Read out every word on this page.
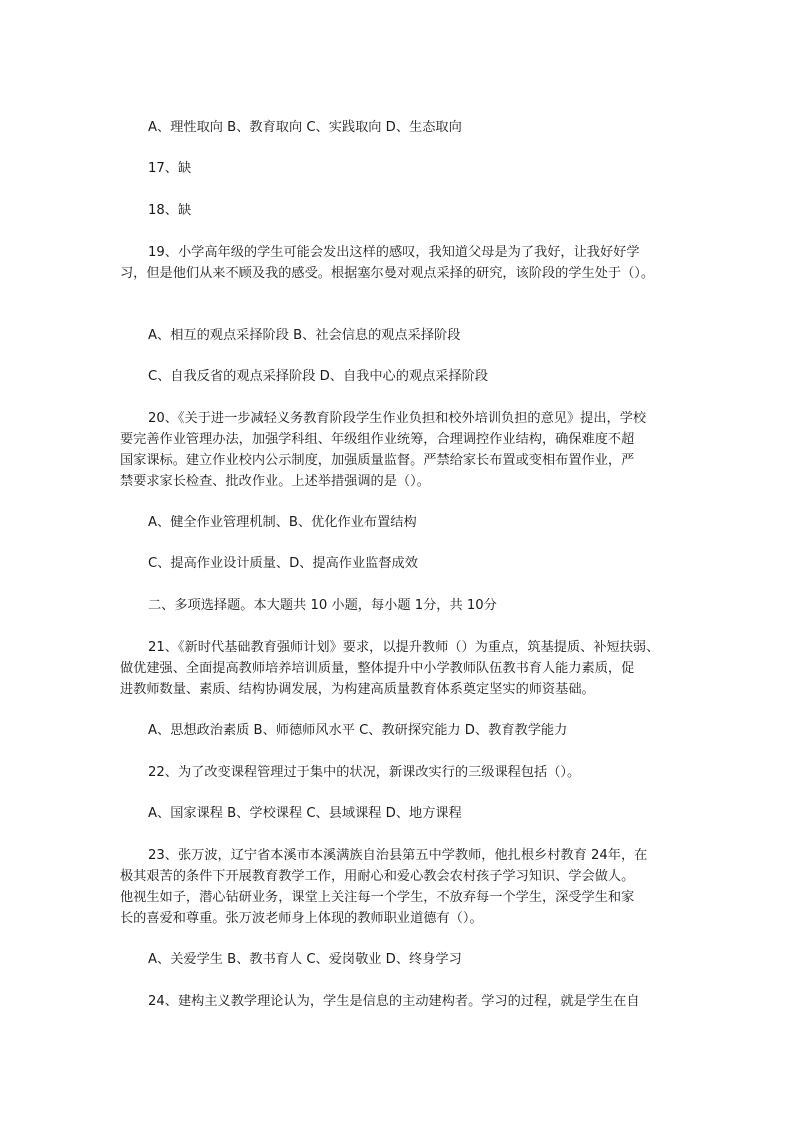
A、理性取向 B、教育取向 C、实践取向 D、生态取向
17、缺
18、缺
19、小学高年级的学生可能会发出这样的感叹，我知道父母是为了我好，让我好好学
习，但是他们从来不顾及我的感受。根据塞尔曼对观点采择的研究，该阶段的学生处于（）。
A、相互的观点采择阶段 B、社会信息的观点采择阶段
C、自我反省的观点采择阶段 D、自我中心的观点采择阶段
20、《关于进一步减轻义务教育阶段学生作业负担和校外培训负担的意见》提出，学校
要完善作业管理办法，加强学科组、年级组作业统筹，合理调控作业结构，确保难度不超
国家课标。建立作业校内公示制度，加强质量监督。严禁给家长布置或变相布置作业，严
禁要求家长检查、批改作业。上述举措强调的是（）。
A、健全作业管理机制、B、优化作业布置结构
C、提高作业设计质量、D、提高作业监督成效
二、多项选择题。本大题共 10 小题，每小题 1分，共 10分
21、《新时代基础教育强师计划》要求，以提升教师（）为重点，筑基提质、补短扶弱、
做优建强、全面提高教师培养培训质量，整体提升中小学教师队伍教书育人能力素质，促
进教师数量、素质、结构协调发展，为构建高质量教育体系奠定坚实的师资基础。
A、思想政治素质 B、师德师风水平 C、教研探究能力 D、教育教学能力
22、为了改变课程管理过于集中的状况，新课改实行的三级课程包括（）。
A、国家课程 B、学校课程 C、县域课程 D、地方课程
23、张万波，辽宁省本溪市本溪满族自治县第五中学教师，他扎根乡村教育 24年，在
极其艰苦的条件下开展教育教学工作，用耐心和爱心教会农村孩子学习知识、学会做人。
他视生如子，潜心钻研业务，课堂上关注每一个学生，不放弃每一个学生，深受学生和家
长的喜爱和尊重。张万波老师身上体现的教师职业道德有（）。
A、关爱学生 B、教书育人 C、爱岗敬业 D、终身学习
24、建构主义教学理论认为，学生是信息的主动建构者。学习的过程，就是学生在自
